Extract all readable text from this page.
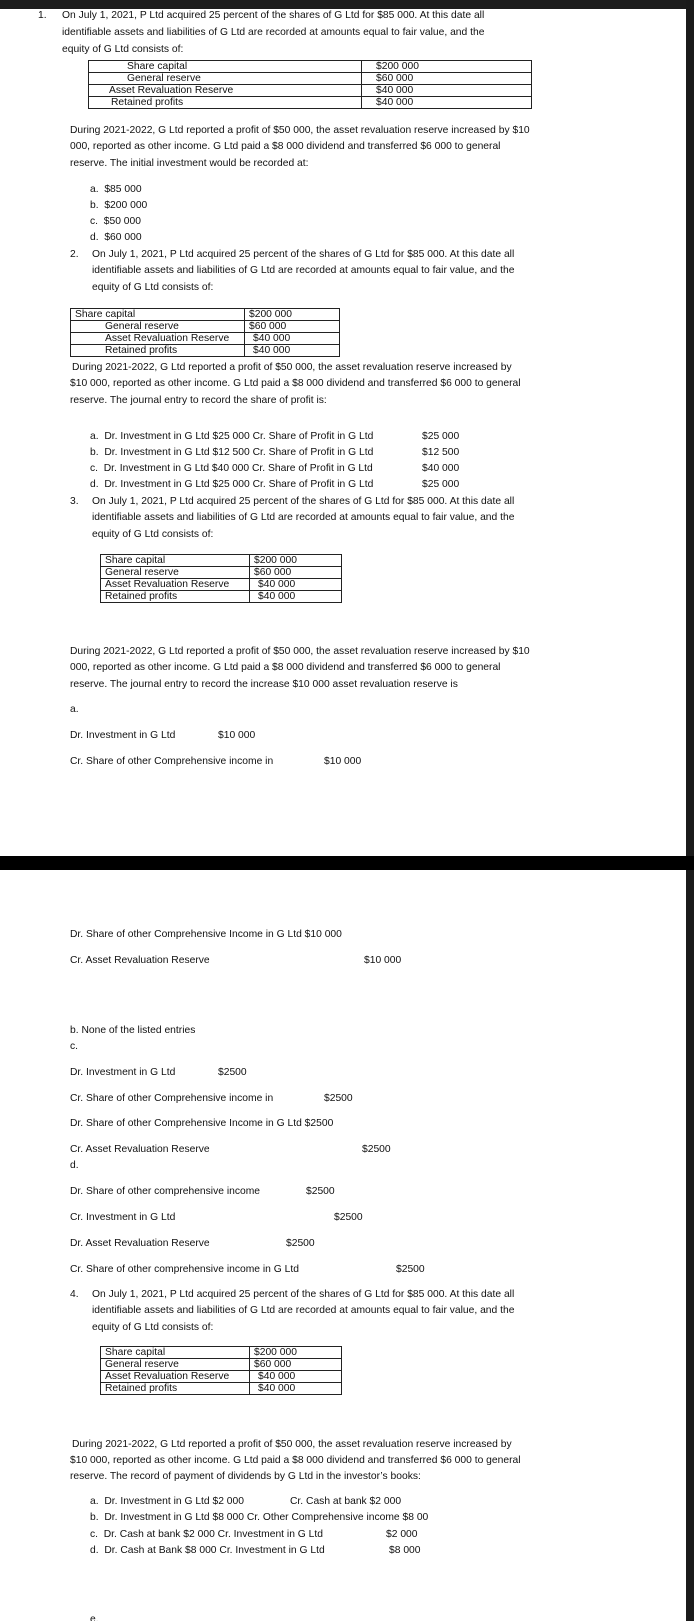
1. On July 1, 2021, P Ltd acquired 25 percent of the shares of G Ltd for $85 000. At this date all
identifiable assets and liabilities of G Ltd are recorded at amounts equal to fair value, and the
equity of G Ltd consists of:
Share capital	$200 000
General reserve	$60 000
Asset Revaluation Reserve	$40 000
Retained profits	$40 000
During 2021-2022, G Ltd reported a profit of $50 000, the asset revaluation reserve increased by $10
000, reported as other income. G Ltd paid a $8 000 dividend and transferred $6 000 to general
reserve. The initial investment would be recorded at:
a. $85 000
b. $200 000
c. $50 000
d. $60 000
2. On July 1, 2021, P Ltd acquired 25 percent of the shares of G Ltd for $85 000. At this date all
identifiable assets and liabilities of G Ltd are recorded at amounts equal to fair value, and the
equity of G Ltd consists of:
Share capital	$200 000
General reserve	$60 000
Asset Revaluation Reserve	$40 000
Retained profits	$40 000
During 2021-2022, G Ltd reported a profit of $50 000, the asset revaluation reserve increased by
$10 000, reported as other income. G Ltd paid a $8 000 dividend and transferred $6 000 to general
reserve. The journal entry to record the share of profit is:
a. Dr. Investment in G Ltd $25 000 Cr. Share of Profit in G Ltd	$25 000
b. Dr. Investment in G Ltd $12 500 Cr. Share of Profit in G Ltd	$12 500
c. Dr. Investment in G Ltd $40 000 Cr. Share of Profit in G Ltd	$40 000
d. Dr. Investment in G Ltd $25 000 Cr. Share of Profit in G Ltd	$25 000
3. On July 1, 2021, P Ltd acquired 25 percent of the shares of G Ltd for $85 000. At this date all
identifiable assets and liabilities of G Ltd are recorded at amounts equal to fair value, and the
equity of G Ltd consists of:
Share capital	$200 000
General reserve	$60 000
Asset Revaluation Reserve	$40 000
Retained profits	$40 000
During 2021-2022, G Ltd reported a profit of $50 000, the asset revaluation reserve increased by $10
000, reported as other income. G Ltd paid a $8 000 dividend and transferred $6 000 to general
reserve. The journal entry to record the increase $10 000 asset revaluation reserve is
a.
Dr. Investment in G Ltd	$10 000
Cr. Share of other Comprehensive income in	$10 000
Dr. Share of other Comprehensive Income in G Ltd $10 000
Cr. Asset Revaluation Reserve	$10 000
b. None of the listed entries
c.
Dr. Investment in G Ltd	$2500
Cr. Share of other Comprehensive income in	$2500
Dr. Share of other Comprehensive Income in G Ltd $2500
Cr. Asset Revaluation Reserve	$2500
d.
Dr. Share of other comprehensive income	$2500
Cr. Investment in G Ltd	$2500
Dr. Asset Revaluation Reserve	$2500
Cr. Share of other comprehensive income in G Ltd	$2500
4. On July 1, 2021, P Ltd acquired 25 percent of the shares of G Ltd for $85 000. At this date all
identifiable assets and liabilities of G Ltd are recorded at amounts equal to fair value, and the
equity of G Ltd consists of:
Share capital	$200 000
General reserve	$60 000
Asset Revaluation Reserve	$40 000
Retained profits	$40 000
During 2021-2022, G Ltd reported a profit of $50 000, the asset revaluation reserve increased by
$10 000, reported as other income. G Ltd paid a $8 000 dividend and transferred $6 000 to general
reserve. The record of payment of dividends by G Ltd in the investor’s books:
a. Dr. Investment in G Ltd $2 000	Cr. Cash at bank $2 000
b. Dr. Investment in G Ltd $8 000 Cr. Other Comprehensive income $8 00
c. Dr. Cash at bank $2 000 Cr. Investment in G Ltd	$2 000
d. Dr. Cash at Bank $8 000 Cr. Investment in G Ltd	$8 000
e.
